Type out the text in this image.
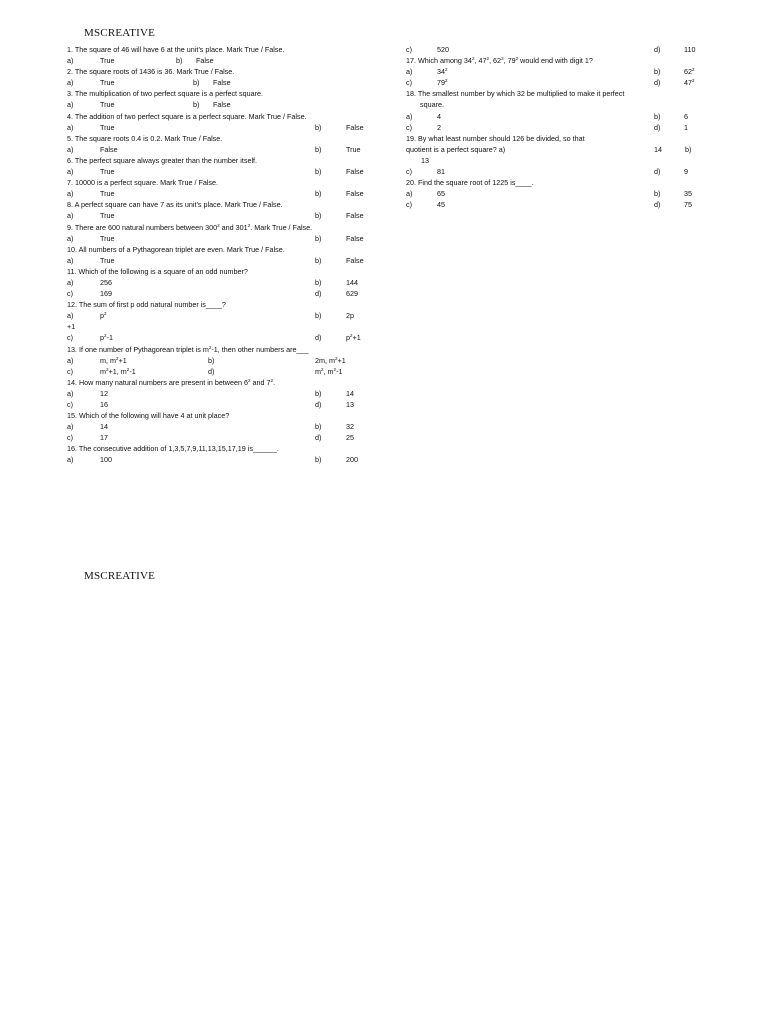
MSCREATIVE
1. The square of 46 will have 6 at the unit’s place. Mark True / False.
a)	True	b) False
2. The square roots of 1436 is 36. Mark True / False.
a)	True	b) False
3. The multiplication of two perfect square is a perfect square.
a)	True	b) False
4. The addition of two perfect square is a perfect square. Mark True / False.
a)	True	b)	False
5. The square roots 0.4 is 0.2. Mark True / False.
a)	False	b)	True
6. The perfect square always greater than the number itself.
a)	True	b)	False
7. 10000 is a perfect square. Mark True / False.
a)	True	b)	False
8. A perfect square can have 7 as its unit’s place. Mark True / False.
a)	True	b)	False
9. There are 600 natural numbers between $300^2$ and $301^2$. Mark True / False.
a)	True	b)	False
10. All numbers of a Pythagorean triplet are even. Mark True / False.
a)	True	b)	False
11. Which of the following is a square of an odd number?
a)	256	b)	144
c)	169	d)	629
12. The sum of first p odd natural number is____?
a)	$p^2$	b)	2p
+1
c)	$p^2-1$	d)	$p^2+1$
13. If one number of Pythagorean triplet is $m^2-1$, then other numbers are___
a)	m, $m^2+1$	b)	2m, $m^2+1$
c)	$m^2+1$, $m^2-1$	d)	$m^2$, $m^2-1$
14. How many natural numbers are present in between $6^2$ and $7^2$.
a)	12	b)	14
c)	16	d)	13
15. Which of the following will have 4 at unit place?
a)	14	b)	32
c)	17	d)	25
16. The consecutive addition of 1,3,5,7,9,11,13,15,17,19 is______.
a)	100	b)	200
c)	520	d)	110
17. Which among $34^2$, $47^2$, $62^2$, $79^2$ would end with digit 1?
a)	$34^2$	b)	$62^2$
c)	$79^2$	d)	$47^2$
18. The smallest number by which 32 be multiplied to make it perfect
square.
a)	4	b)	6
c)	2	d)	1
19. By what least number should 126 be divided, so that
quotient is a perfect square? a)	14	b)
13
c)	81	d)	9
20. Find the square root of 1225 is____.
a)	65	b)	35
c)	45	d)	75
MSCREATIVE
